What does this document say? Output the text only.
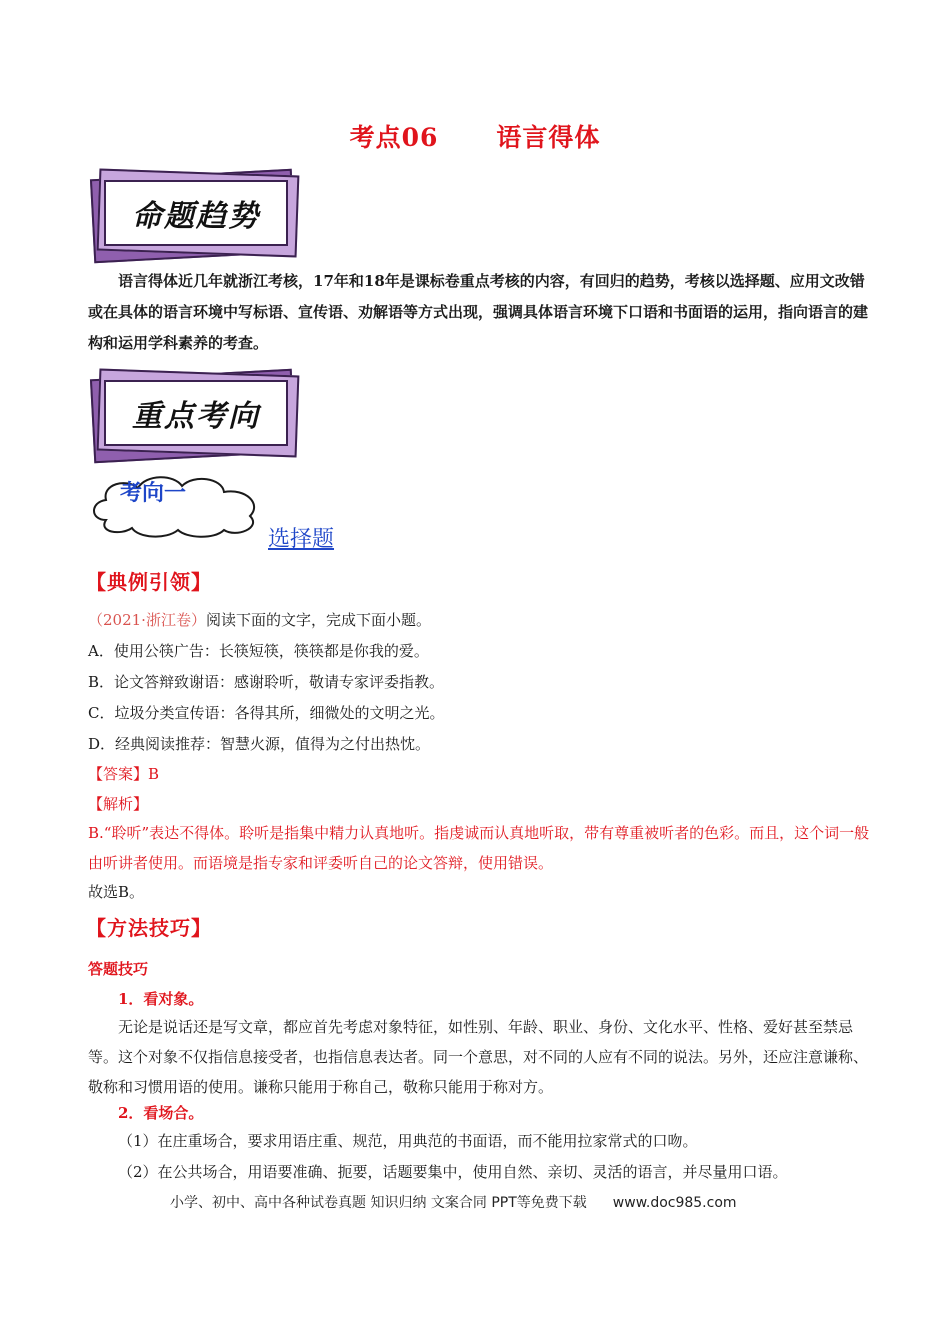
考点06 语言得体
命题趋势
语言得体近几年就浙江考核，17年和18年是课标卷重点考核的内容，有回归的趋势，考核以选择题、应用文改错或在具体的语言环境中写标语、宣传语、劝解语等方式出现，强调具体语言环境下口语和书面语的运用，指向语言的建构和运用学科素养的考查。
重点考向
考向一
选择题
【典例引领】
（2021·浙江卷）阅读下面的文字，完成下面小题。
A．使用公筷广告：长筷短筷，筷筷都是你我的爱。
B．论文答辩致谢语：感谢聆听，敬请专家评委指教。
C．垃圾分类宣传语：各得其所，细微处的文明之光。
D．经典阅读推荐：智慧火源，值得为之付出热忱。
【答案】B
【解析】
B.“聆听”表达不得体。聆听是指集中精力认真地听。指虔诚而认真地听取，带有尊重被听者的色彩。而且，这个词一般由听讲者使用。而语境是指专家和评委听自己的论文答辩，使用错误。
故选B。
【方法技巧】
答题技巧
1．看对象。
无论是说话还是写文章，都应首先考虑对象特征，如性别、年龄、职业、身份、文化水平、性格、爱好甚至禁忌等。这个对象不仅指信息接受者，也指信息表达者。同一个意思，对不同的人应有不同的说法。另外，还应注意谦称、敬称和习惯用语的使用。谦称只能用于称自己，敬称只能用于称对方。
2．看场合。
（1）在庄重场合，要求用语庄重、规范，用典范的书面语，而不能用拉家常式的口吻。
（2）在公共场合，用语要准确、扼要，话题要集中，使用自然、亲切、灵活的语言，并尽量用口语。
小学、初中、高中各种试卷真题 知识归纳 文案合同 PPT等免费下载 www.doc985.com
